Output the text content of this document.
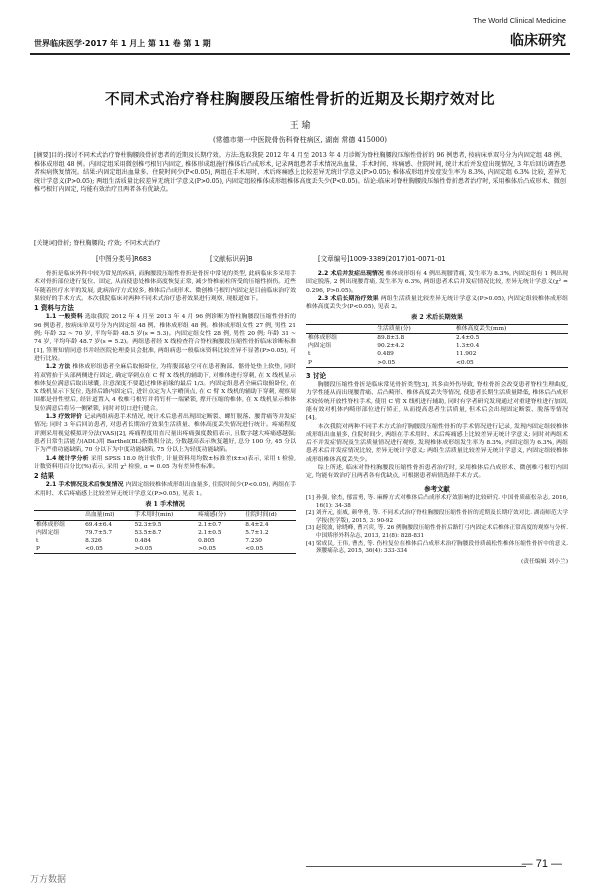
世界临床医学·2017 年 1 月上 第 11 卷 第 1 期
The World Clinical Medicine
临床研究
不同术式治疗脊柱胸腰段压缩性骨折的近期及长期疗效对比
王 瑜
(常德市第一中医院骨伤科脊柱病区, 湖南 常德 415000)
[摘要]目的:探讨不同术式治疗脊柱胸腰段骨折患者的近期及长期疗效。方法:选取我院 2012 年 4 月至 2013 年 4 月诊断为脊柱胸腰段压缩性骨折的 96 例患者, 按病床单双号分为内固定组 48 例、椎体成形组 48 例。内固定组采用微创椎弓根钉内固定, 椎体形成组施行椎体后凸成形术, 记录两组患者手术情况出血量、手术时间、疼痛感、住院时间, 统计术后并发症出现情况, 3 年后回访调查患者疾病恢复情况。结果:内固定组出血量多、住院时间少(P<0.05), 两组在手术用时、术后疼痛感上比较差异无统计学意义(P>0.05); 椎体成形组并发症发生率为 8.3%, 内固定组 6.3% 比较, 差异无统计学意义(P>0.05); 两组生活质量比较差异无统计学意义(P>0.05), 内固定组较椎体成形组椎体高度丢失少(P<0.05)。结论:临床对脊柱胸腰段压缩性骨折患者治疗时, 采用椎体后凸成形术、微创椎弓根钉内固定, 均能有效治疗且两者各有优缺点。
[关键词]骨折; 脊柱胸腰段; 疗效; 不同术式治疗
[中图分类号]R683	[文献标识码]B	[文章编号]1009-3389(2017)01-0071-01

骨折是临床外科中较为常见的疾病, 而胸腰段压缩性骨折是骨折中常见的类型, 此病临床多采用手术对骨折部位进行复位、固定, 从而使患处椎体高度恢复正常, 减少脊椎前柱所受的压缩性损伤。近些年随着医疗水平的发展, 此病治疗方式较多, 椎体后凸成形术、微创椎弓根钉内固定是目前临床治疗效果较好的手术方式。本次我院临床对两种不同术式治疗患者效果进行观察, 现报道如下。

1 资料与方法

1.1 一般资料 选取我院 2012 年 4 月至 2013 年 4 月 96 例诊断为脊柱胸腰段压缩性骨折的 96 例患者, 按病床单双号分为内固定组 48 例、椎体成形组 48 例。椎体成形组女性 27 例, 男性 21 例; 年龄 32 ~ 70 岁, 平均年龄 48.5 岁(s = 5.3)。内固定组女性 28 例, 男性 20 例; 年龄 31 ~ 74 岁, 平均年龄 48.7 岁(s = 5.2)。两组患者经 X 线检查符合脊柱胸腰段压缩性骨折临床诊断标准[1], 签署知情同意书并经医院伦理委员会批准, 两组病患一般临床资料比较差异不显著(P>0.05), 可进行比较。

1.2 方法 椎体成形组患者全麻后取俯卧位, 为将腹部悬空可在患者胸部、髂骨处垫上软垫, 同时将双臂抬于头部两侧进行固定, 确定穿刺点在 C 臂 X 线机的辅助下, 对椎体进行穿刺, 在 X 线机显示椎体复位满意后取出球囊, 注意深度不要超过椎体前缘的最后 1/3。内固定组患者全麻后取俯卧位, 在 X 线机显示下复位, 选择后路内固定后, 进针点定为人字嵴顶点, 在 C 臂 X 线机的辅助下穿刺, 观察周围都是骨性壁后, 经针道置入 4 枚椎弓根钉并将钉杆一端紧锁, 撑开压缩的椎体, 在 X 线机显示椎体复位满意后将另一侧紧锁, 同时对切口进行缝合。

1.3 疗效评价 记录两组病患手术情况, 统计术后患者出现固定断裂、螺钉脱落、腰背痛等并发症情况; 同时 3 年后回访患者, 对患者长期治疗效果生活质量、椎体高度丢失情况进行统计。疼痛程度评测采用视觉模拟评分法(VAS)[2], 疼痛程度用直尺量出疼痛强度数值表示, 且数字越大疼痛感越强; 患者日常生活能力(ADL)用 Barthel(BL)指数积分法, 分数越高表示恢复越好, 总分 100 分, 45 分以下为严重功能缺陷, 70 分以下为中度功能缺陷, 75 分以上为轻度功能缺陷。

1.4 统计学分析 采用 SPSS 18.0 统计软件, 计量资料用均数±标准差(x̄±s)表示, 采用 t 检验, 计数资料用百分比(%)表示, 采用 χ² 检验, α = 0.05 为有差异性标准。

2 结果

2.1 手术情况及术后恢复情况 内固定组较椎体成形组出血量多, 住院时间少(P<0.05), 两组在手术用时、术后疼痛感上比较差异无统计学意义(P>0.05), 见表 1。

表 1 手术情况

	出血量(ml)	手术用时(min)	疼痛感(分)	住院时间(d)
椎体成形组	69.4±6.4	52.3±9.5	2.1±0.7	8.4±2.4
内固定组	79.7±5.7	53.5±8.7	2.1±0.5	5.7±1.2
t	8.326	0.484	0.805	7.230
P	<0.05	>0.05	>0.05	<0.05

2.2 术后并发症出现情况 椎体成形组有 4 例出现腰背痛, 发生率为 8.3%, 内固定组有 1 例出现固定脱落, 2 例出现腰背痛, 发生率为 6.3%, 两组患者术后并发症情况比较, 差异无统计学意义(χ² = 0.296, P>0.05)。

2.3 术后长期治疗效果 两组生活质量比较差异无统计学意义(P>0.05), 内固定组较椎体成形组椎体高度丢失少(P<0.05), 见表 2。

表 2 术后长期效果

	生活质量(分)	椎体高度丢失(mm)
椎体成形组	89.8±3.8	2.4±0.5
内固定组	90.2±4.2	1.3±0.4
t	0.489	11.902
P	>0.05	<0.05

3 讨论

胸腰段压缩性骨折是临床常见骨折类型[3], 其多由外伤导致, 脊柱骨折会改变患者脊柱生理曲度, 力学性能从而出现腰背痛、后凸畸形、椎体高度丢失等情况, 使患者长期生活质量降低, 椎体后凸成形术较传统开放性脊柱手术, 使用 C 臂 X 线机进行辅助, 同时有学者研究发现通过对重建脊柱进行加固, 能有效对机体内畸形部位进行矫正, 从而提高患者生活质量, 但术后会出现固定断裂、脱落等情况[4]。

本次我院对两种不同手术方式治疗胸腰段压缩性骨折的手术情况进行记录, 发现内固定组较椎体成形组出血量多, 住院时间少, 两组在手术用时、术后疼痛感上比较差异无统计学意义; 同时对两组术后不并发症情况及生活质量情况进行观察, 发现椎体成形组发生率为 8.3%, 内固定组为 6.3%, 两组患者术后并发症情况比较, 差异无统计学意义; 两组生活质量比较差异无统计学意义, 内固定组较椎体成形组椎体高度丢失少。

综上所述, 临床对脊柱胸腰段压缩性骨折患者治疗时, 采用椎体后凸成形术、微创椎弓根钉内固定, 均能有效治疗且两者各有优缺点, 可根据患者病情选择手术方式。

参考文献

[1] 孙强, 徐杰, 郁雷勇, 等. 麻醉方式对椎体后凸成形术疗效影响的比较研究. 中国骨质疏松杂志, 2016, 16(1): 34-38

[2] 刘齐元, 崔威, 颜华勇, 等. 不同术式治疗脊柱胸腰段压缩性骨折的近期及长期疗效对比. 湖南师范大学学报(医学版), 2015, 3: 90-92

[3] 赵锐波, 徐晓峰, 曹兴宾, 等. 26 例胸腰段压缩性骨折后路钉弓内固定术后椎体正常高度的观察与分析. 中国矫形外科杂志, 2013, 21(8): 828-831

[4] 梁成民, 王伟, 曹杰, 等. 伤柱复位在椎体后凸成形术治疗胸腰段骨质疏松性椎体压缩性骨折中的意义. 颈腰痛杂志, 2015, 36(4): 333-334

(责任编辑 刘小兰)

— 71 —
万方数据
